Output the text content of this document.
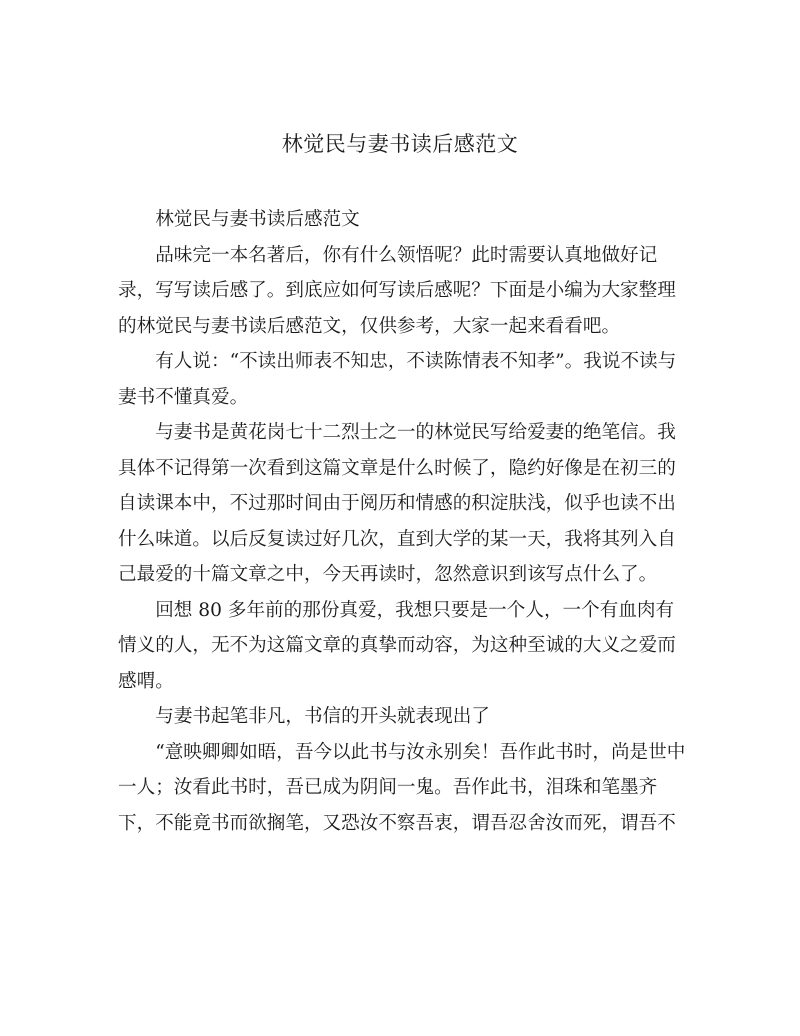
林觉民与妻书读后感范文

林觉民与妻书读后感范文

品味完一本名著后，你有什么领悟呢？此时需要认真地做好记录，写写读后感了。到底应如何写读后感呢？下面是小编为大家整理的林觉民与妻书读后感范文，仅供参考，大家一起来看看吧。

有人说：“不读出师表不知忠，不读陈情表不知孝”。我说不读与妻书不懂真爱。

与妻书是黄花岗七十二烈士之一的林觉民写给爱妻的绝笔信。我具体不记得第一次看到这篇文章是什么时候了，隐约好像是在初三的自读课本中，不过那时间由于阅历和情感的积淀肤浅，似乎也读不出什么味道。以后反复读过好几次，直到大学的某一天，我将其列入自己最爱的十篇文章之中，今天再读时，忽然意识到该写点什么了。

回想 80 多年前的那份真爱，我想只要是一个人，一个有血肉有情义的人，无不为这篇文章的真挚而动容，为这种至诚的大义之爱而感喟。

与妻书起笔非凡，书信的开头就表现出了

“意映卿卿如晤，吾今以此书与汝永别矣！吾作此书时，尚是世中一人；汝看此书时，吾已成为阴间一鬼。吾作此书，泪珠和笔墨齐下，不能竟书而欲搁笔，又恐汝不察吾衷，谓吾忍舍汝而死，谓吾不
